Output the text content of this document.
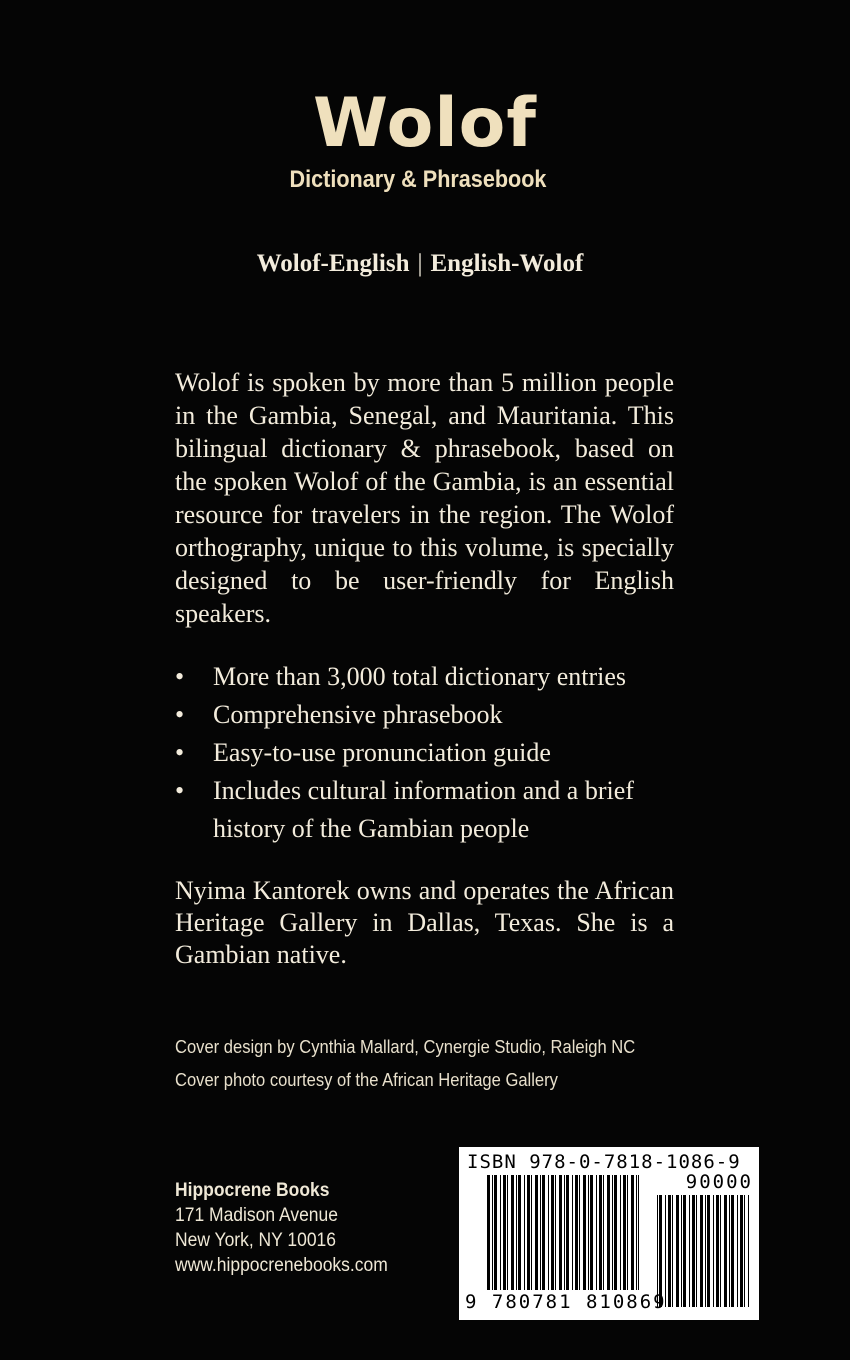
Wolof
Dictionary & Phrasebook
Wolof-English | English-Wolof

Wolof is spoken by more than 5 million people in the Gambia, Senegal, and Mauritania. This bilingual dictionary & phrasebook, based on the spoken Wolof of the Gambia, is an essential resource for travelers in the region. The Wolof orthography, unique to this volume, is specially designed to be user-friendly for English speakers.

• More than 3,000 total dictionary entries
• Comprehensive phrasebook
• Easy-to-use pronunciation guide
• Includes cultural information and a brief history of the Gambian people

Nyima Kantorek owns and operates the African Heritage Gallery in Dallas, Texas. She is a Gambian native.

Cover design by Cynthia Mallard, Cynergie Studio, Raleigh NC
Cover photo courtesy of the African Heritage Gallery
Hippocrene Books
171 Madison Avenue
New York, NY 10016
www.hippocrenebooks.com
ISBN 978-0-7818-1086-9
90000
9 780781 810869
